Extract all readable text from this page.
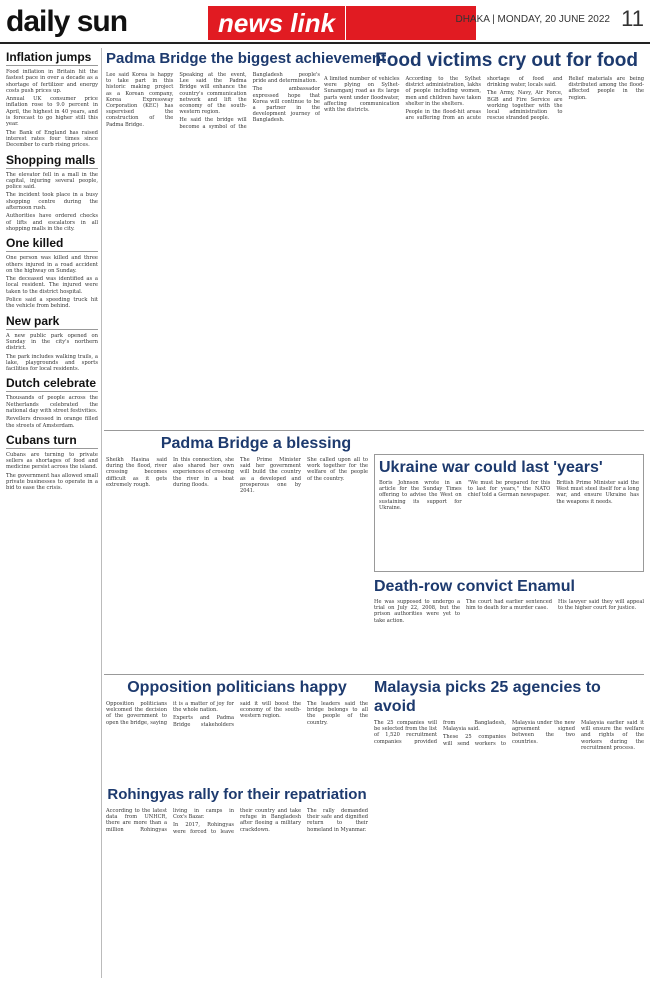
daily sun	news link	DHAKA | MONDAY, 20 JUNE 2022 11
Inflation jumps

Food inflation in Britain hit the fastest pace in over a decade as a shortage of fertilizer and energy costs push prices up.

Annual UK consumer price inflation rose to 9.0 percent in April, the highest in 40 years, and is forecast to go higher still this year.

The Bank of England has raised interest rates four times since December to curb rising prices.

Shopping malls

The elevator fell in a mall in the capital, injuring several people, police said.

The incident took place in a busy shopping centre during the afternoon rush.

Authorities have ordered checks of lifts and escalators in all shopping malls in the city.

One killed

One person was killed and three others injured in a road accident on the highway on Sunday.

The deceased was identified as a local resident. The injured were taken to the district hospital.

Police said a speeding truck hit the vehicle from behind.

New park

A new public park opened on Sunday in the city's northern district.

The park includes walking trails, a lake, playgrounds and sports facilities for local residents.

Dutch celebrate

Thousands of people across the Netherlands celebrated the national day with street festivities.

Revellers dressed in orange filled the streets of Amsterdam.

Cubans turn

Cubans are turning to private sellers as shortages of food and medicine persist across the island.

The government has allowed small private businesses to operate in a bid to ease the crisis.

Padma Bridge the biggest achievement

Lee said Korea is happy to take part in this historic making project as a Korean company, Korea Expressway Corporation (KEC) has supervised the construction of the Padma Bridge.

Speaking at the event, Lee said the Padma Bridge will enhance the country's communication network and lift the economy of the south-western region.

He said the bridge will become a symbol of the Bangladesh people's pride and determination.

The ambassador expressed hope that Korea will continue to be a partner in the development journey of Bangladesh.

Food victims cry out for food

A limited number of vehicles were plying on Sylhet-Sunamganj road as its large parts went under floodwater, affecting communication with the districts.

According to the Sylhet district administration, lakhs of people including women, men and children have taken shelter in the shelters.

People in the flood-hit areas are suffering from an acute shortage of food and drinking water, locals said.

The Army, Navy, Air Force, BGB and Fire Service are working together with the local administration to rescue stranded people.

Relief materials are being distributed among the flood-affected people in the region.

Padma Bridge a blessing

Sheikh Hasina said during the flood, river crossing becomes difficult as it gets extremely rough.

In this connection, she also shared her own experiences of crossing the river in a boat during floods.

The Prime Minister said her government will build the country as a developed and prosperous one by 2041.

She called upon all to work together for the welfare of the people of the country.

Ukraine war could last 'years'

Boris Johnson wrote in an article for the Sunday Times offering to advise the West on sustaining its support for Ukraine.

"We must be prepared for this to last for years," the NATO chief told a German newspaper.

British Prime Minister said the West must steel itself for a long war, and ensure Ukraine has the weapons it needs.

Death-row convict Enamul

He was supposed to undergo a trial on July 22, 2008, but the prison authorities were yet to take action.

The court had earlier sentenced him to death for a murder case.

His lawyer said they will appeal to the higher court for justice.

Opposition politicians happy

Opposition politicians welcomed the decision of the government to open the bridge, saying it is a matter of joy for the whole nation.

Experts and Padma Bridge stakeholders said it will boost the economy of the south-western region.

The leaders said the bridge belongs to all the people of the country.

Rohingyas rally for their repatriation

According to the latest data from UNHCR, there are more than a million Rohingyas living in camps in Cox's Bazar.

In 2017, Rohingyas were forced to leave their country and take refuge in Bangladesh after fleeing a military crackdown.

The rally demanded their safe and dignified return to their homeland in Myanmar.

Malaysia picks 25 agencies to avoid

The 25 companies will be selected from the list of 1,520 recruitment companies provided from Bangladesh, Malaysia said.

These 25 companies will send workers to Malaysia under the new agreement signed between the two countries.

Malaysia earlier said it will ensure the welfare and rights of the workers during the recruitment process.
